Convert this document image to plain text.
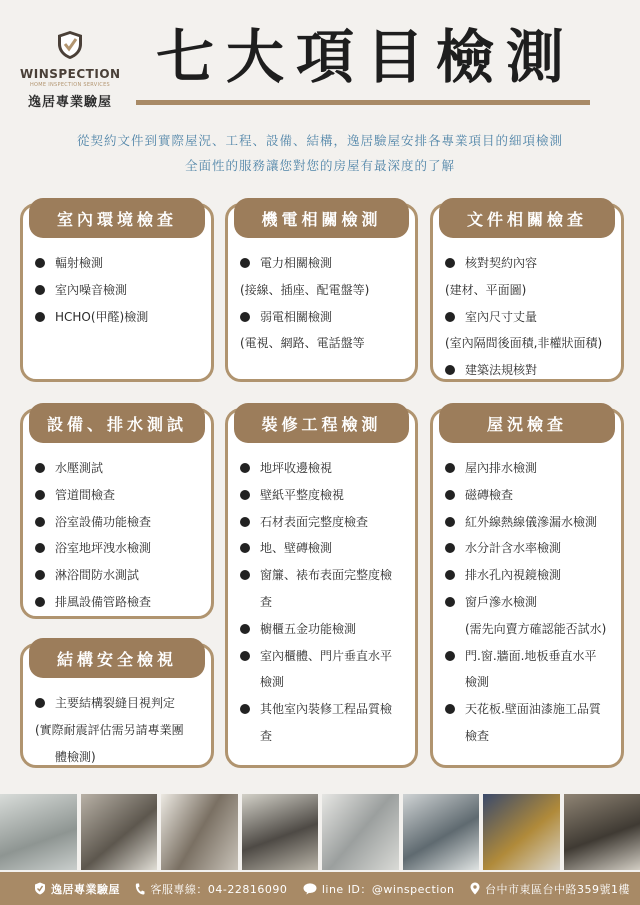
WINSPECTION
HOME INSPECTION SERVICES
逸居專業驗屋
七大項目檢測
從契約文件到實際屋況、工程、設備、結構，逸居驗屋安排各專業項目的細項檢測
全面性的服務讓您對您的房屋有最深度的了解
室內環境檢查
輻射檢測
室內噪音檢測
HCHO(甲醛)檢測
機電相關檢測
電力相關檢測
(接線、插座、配電盤等)
弱電相關檢測
(電視、網路、電話盤等
文件相關檢查
核對契約內容
(建材、平面圖)
室內尺寸丈量
(室內隔間後面積,非權狀面積)
建築法規核對
設備、排水測試
水壓測試
管道間檢查
浴室設備功能檢查
浴室地坪洩水檢測
淋浴間防水測試
排風設備管路檢查
裝修工程檢測
地坪收邊檢視
壁紙平整度檢視
石材表面完整度檢查
地、壁磚檢測
窗簾、裱布表面完整度檢
查
櫥櫃五金功能檢測
室內櫃體、門片垂直水平
檢測
其他室內裝修工程品質檢
查
屋況檢查
屋內排水檢測
磁磚檢查
紅外線熱線儀滲漏水檢測
水分計含水率檢測
排水孔內視鏡檢測
窗戶滲水檢測
(需先向賣方確認能否試水)
門.窗.牆面.地板垂直水平
檢測
天花板.壁面油漆施工品質
檢查
結構安全檢視
主要結構裂縫目視判定
(實際耐震評估需另請專業團
體檢測)
逸居專業驗屋	客服專線：04-22816090	line ID：@winspection	台中市東區台中路359號1樓
